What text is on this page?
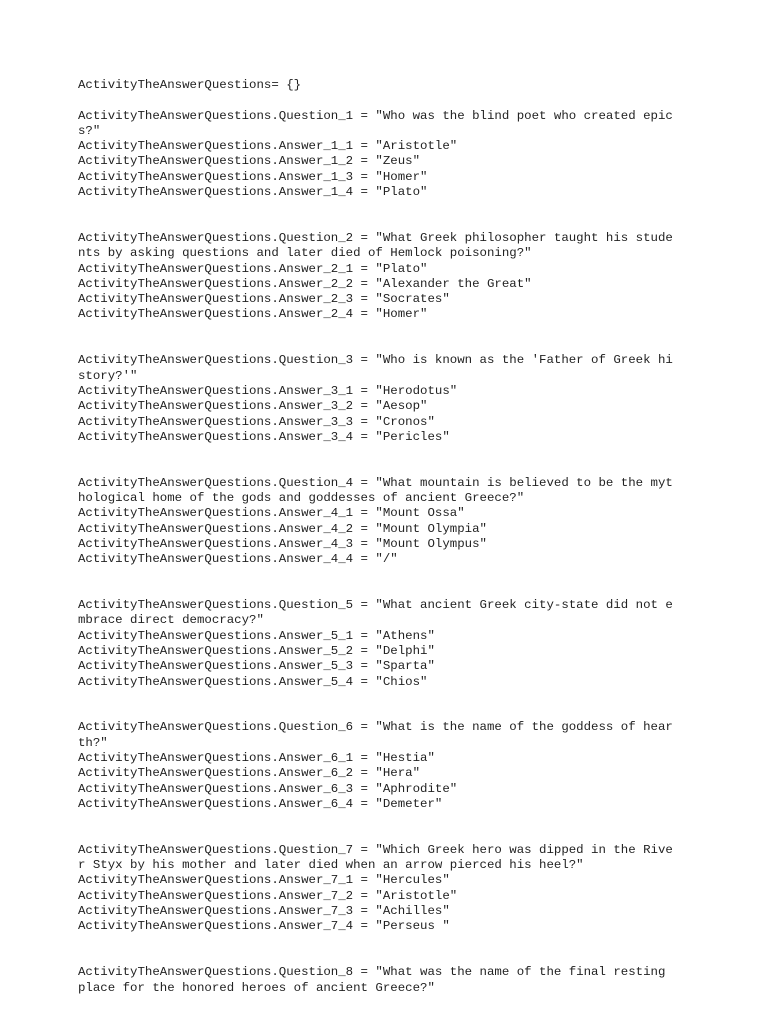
ActivityTheAnswerQuestions= {}
ActivityTheAnswerQuestions.Question_1 = "Who was the blind poet who created epic
s?"
ActivityTheAnswerQuestions.Answer_1_1 = "Aristotle"
ActivityTheAnswerQuestions.Answer_1_2 = "Zeus"
ActivityTheAnswerQuestions.Answer_1_3 = "Homer"
ActivityTheAnswerQuestions.Answer_1_4 = "Plato"
ActivityTheAnswerQuestions.Question_2 = "What Greek philosopher taught his stude
nts by asking questions and later died of Hemlock poisoning?"
ActivityTheAnswerQuestions.Answer_2_1 = "Plato"
ActivityTheAnswerQuestions.Answer_2_2 = "Alexander the Great"
ActivityTheAnswerQuestions.Answer_2_3 = "Socrates"
ActivityTheAnswerQuestions.Answer_2_4 = "Homer"
ActivityTheAnswerQuestions.Question_3 = "Who is known as the 'Father of Greek hi
story?'"
ActivityTheAnswerQuestions.Answer_3_1 = "Herodotus"
ActivityTheAnswerQuestions.Answer_3_2 = "Aesop"
ActivityTheAnswerQuestions.Answer_3_3 = "Cronos"
ActivityTheAnswerQuestions.Answer_3_4 = "Pericles"
ActivityTheAnswerQuestions.Question_4 = "What mountain is believed to be the myt
hological home of the gods and goddesses of ancient Greece?"
ActivityTheAnswerQuestions.Answer_4_1 = "Mount Ossa"
ActivityTheAnswerQuestions.Answer_4_2 = "Mount Olympia"
ActivityTheAnswerQuestions.Answer_4_3 = "Mount Olympus"
ActivityTheAnswerQuestions.Answer_4_4 = "/"
ActivityTheAnswerQuestions.Question_5 = "What ancient Greek city-state did not e
mbrace direct democracy?"
ActivityTheAnswerQuestions.Answer_5_1 = "Athens"
ActivityTheAnswerQuestions.Answer_5_2 = "Delphi"
ActivityTheAnswerQuestions.Answer_5_3 = "Sparta"
ActivityTheAnswerQuestions.Answer_5_4 = "Chios"
ActivityTheAnswerQuestions.Question_6 = "What is the name of the goddess of hear
th?"
ActivityTheAnswerQuestions.Answer_6_1 = "Hestia"
ActivityTheAnswerQuestions.Answer_6_2 = "Hera"
ActivityTheAnswerQuestions.Answer_6_3 = "Aphrodite"
ActivityTheAnswerQuestions.Answer_6_4 = "Demeter"
ActivityTheAnswerQuestions.Question_7 = "Which Greek hero was dipped in the Rive
r Styx by his mother and later died when an arrow pierced his heel?"
ActivityTheAnswerQuestions.Answer_7_1 = "Hercules"
ActivityTheAnswerQuestions.Answer_7_2 = "Aristotle"
ActivityTheAnswerQuestions.Answer_7_3 = "Achilles"
ActivityTheAnswerQuestions.Answer_7_4 = "Perseus "
ActivityTheAnswerQuestions.Question_8 = "What was the name of the final resting
place for the honored heroes of ancient Greece?"
